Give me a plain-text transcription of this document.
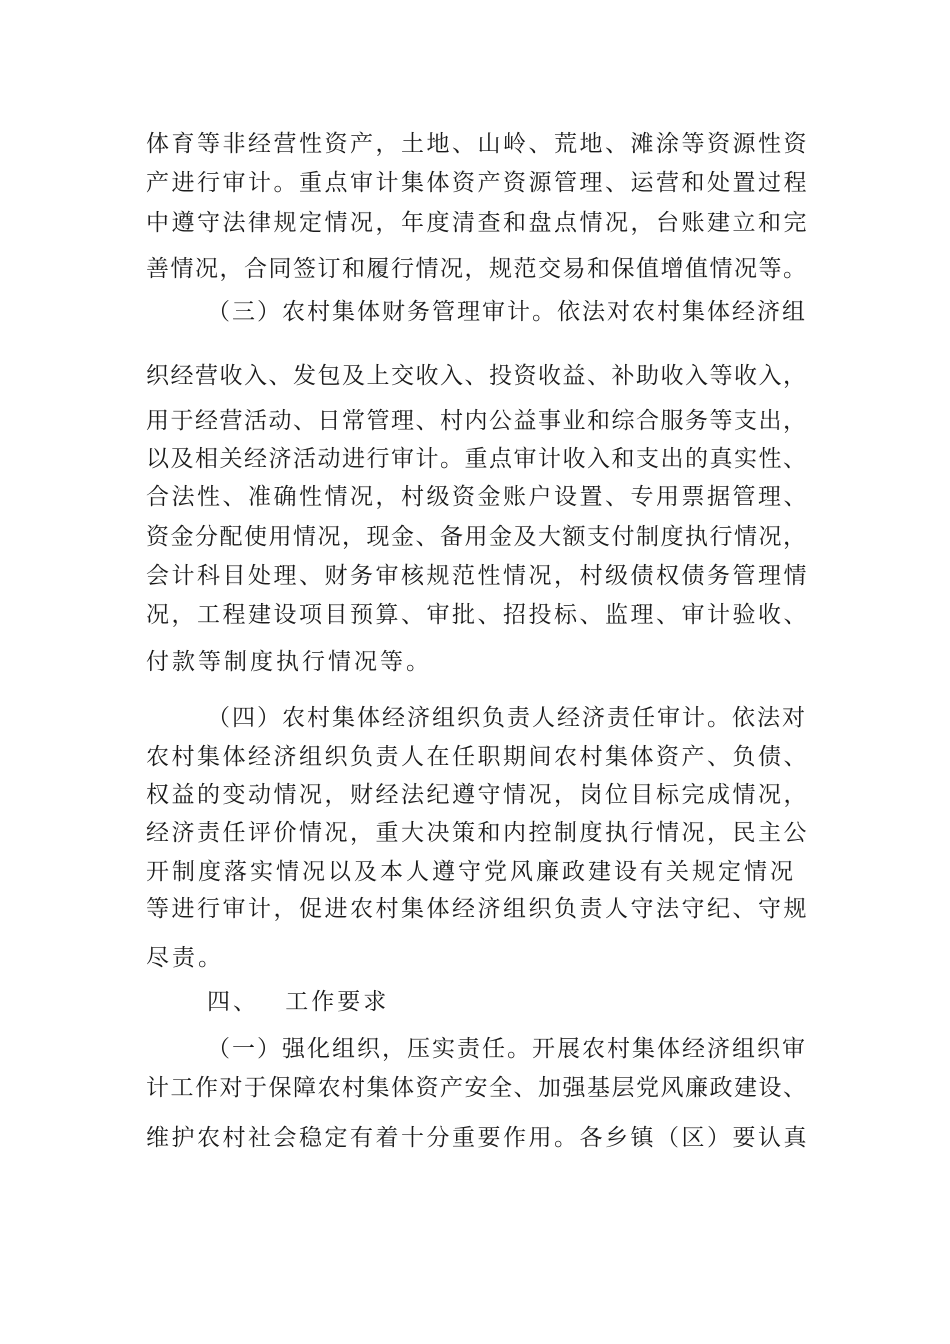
体育等非经营性资产，土地、山岭、荒地、滩涂等资源性资
产进行审计。重点审计集体资产资源管理、运营和处置过程
中遵守法律规定情况，年度清查和盘点情况，台账建立和完
善情况，合同签订和履行情况，规范交易和保值增值情况等。
（三）农村集体财务管理审计。依法对农村集体经济组
织经营收入、发包及上交收入、投资收益、补助收入等收入，
用于经营活动、日常管理、村内公益事业和综合服务等支出，
以及相关经济活动进行审计。重点审计收入和支出的真实性、
合法性、准确性情况，村级资金账户设置、专用票据管理、
资金分配使用情况，现金、备用金及大额支付制度执行情况，
会计科目处理、财务审核规范性情况，村级债权债务管理情
况，工程建设项目预算、审批、招投标、监理、审计验收、
付款等制度执行情况等。
（四）农村集体经济组织负责人经济责任审计。依法对
农村集体经济组织负责人在任职期间农村集体资产、负债、
权益的变动情况，财经法纪遵守情况，岗位目标完成情况，
经济责任评价情况，重大决策和内控制度执行情况，民主公
开制度落实情况以及本人遵守党风廉政建设有关规定情况
等进行审计，促进农村集体经济组织负责人守法守纪、守规
尽责。
四、 工作要求
（一）强化组织，压实责任。开展农村集体经济组织审
计工作对于保障农村集体资产安全、加强基层党风廉政建设、
维护农村社会稳定有着十分重要作用。各乡镇（区）要认真
